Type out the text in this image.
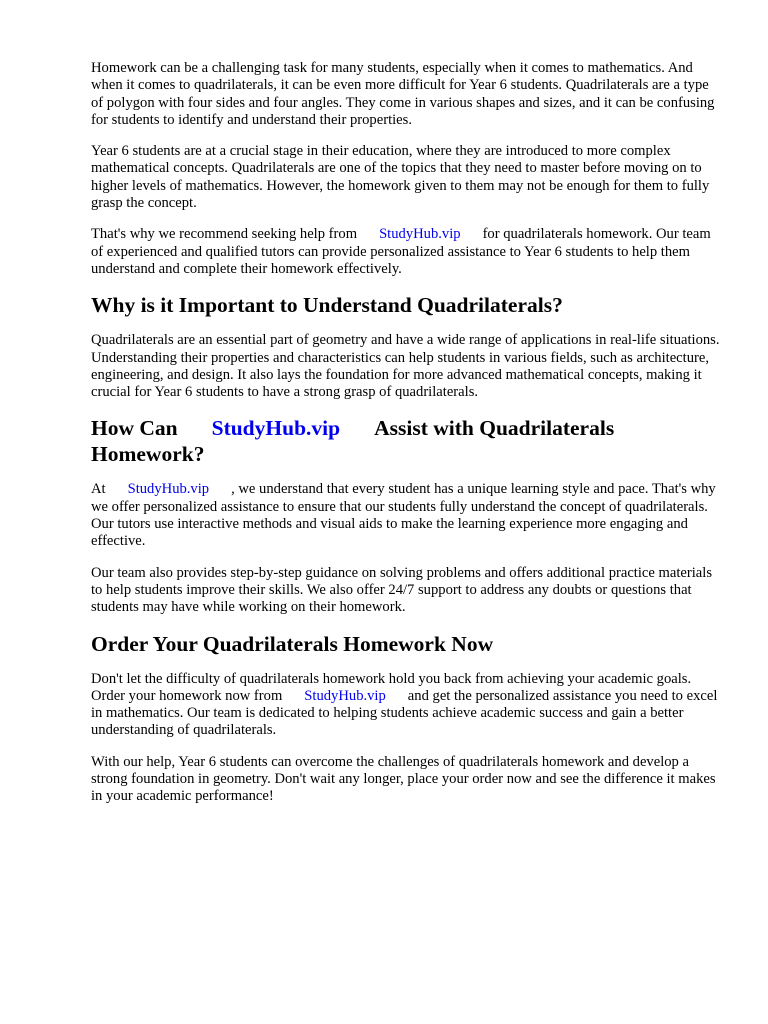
Homework can be a challenging task for many students, especially when it comes to mathematics. And when it comes to quadrilaterals, it can be even more difficult for Year 6 students. Quadrilaterals are a type of polygon with four sides and four angles. They come in various shapes and sizes, and it can be confusing for students to identify and understand their properties.

Year 6 students are at a crucial stage in their education, where they are introduced to more complex mathematical concepts. Quadrilaterals are one of the topics that they need to master before moving on to higher levels of mathematics. However, the homework given to them may not be enough for them to fully grasp the concept.

That's why we recommend seeking help from StudyHub.vip for quadrilaterals homework. Our team of experienced and qualified tutors can provide personalized assistance to Year 6 students to help them understand and complete their homework effectively.

Why is it Important to Understand Quadrilaterals?

Quadrilaterals are an essential part of geometry and have a wide range of applications in real-life situations. Understanding their properties and characteristics can help students in various fields, such as architecture, engineering, and design. It also lays the foundation for more advanced mathematical concepts, making it crucial for Year 6 students to have a strong grasp of quadrilaterals.

How Can StudyHub.vip Assist with Quadrilaterals Homework?

At StudyHub.vip , we understand that every student has a unique learning style and pace. That's why we offer personalized assistance to ensure that our students fully understand the concept of quadrilaterals. Our tutors use interactive methods and visual aids to make the learning experience more engaging and effective.

Our team also provides step-by-step guidance on solving problems and offers additional practice materials to help students improve their skills. We also offer 24/7 support to address any doubts or questions that students may have while working on their homework.

Order Your Quadrilaterals Homework Now

Don't let the difficulty of quadrilaterals homework hold you back from achieving your academic goals. Order your homework now from StudyHub.vip and get the personalized assistance you need to excel in mathematics. Our team is dedicated to helping students achieve academic success and gain a better understanding of quadrilaterals.

With our help, Year 6 students can overcome the challenges of quadrilaterals homework and develop a strong foundation in geometry. Don't wait any longer, place your order now and see the difference it makes in your academic performance!
